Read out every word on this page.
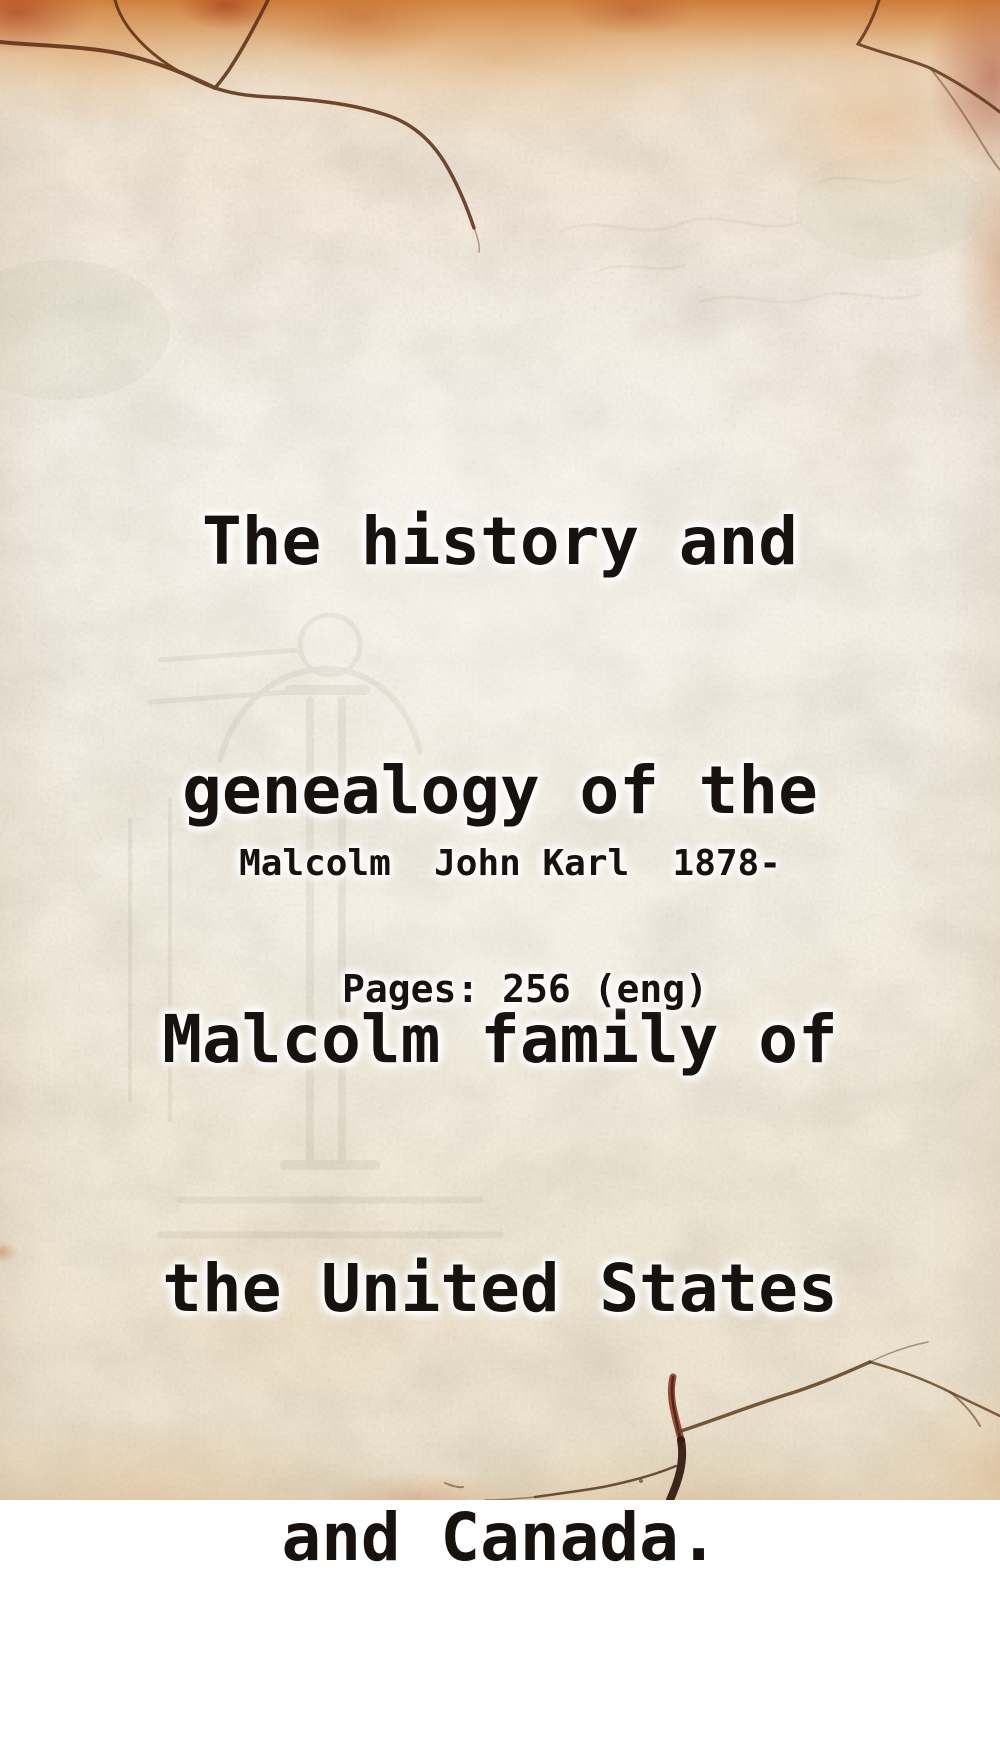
The history and

genealogy of the

Malcolm family of

the United States

and Canada.

Malcolm  John Karl  1878-
Pages: 256 (eng)
